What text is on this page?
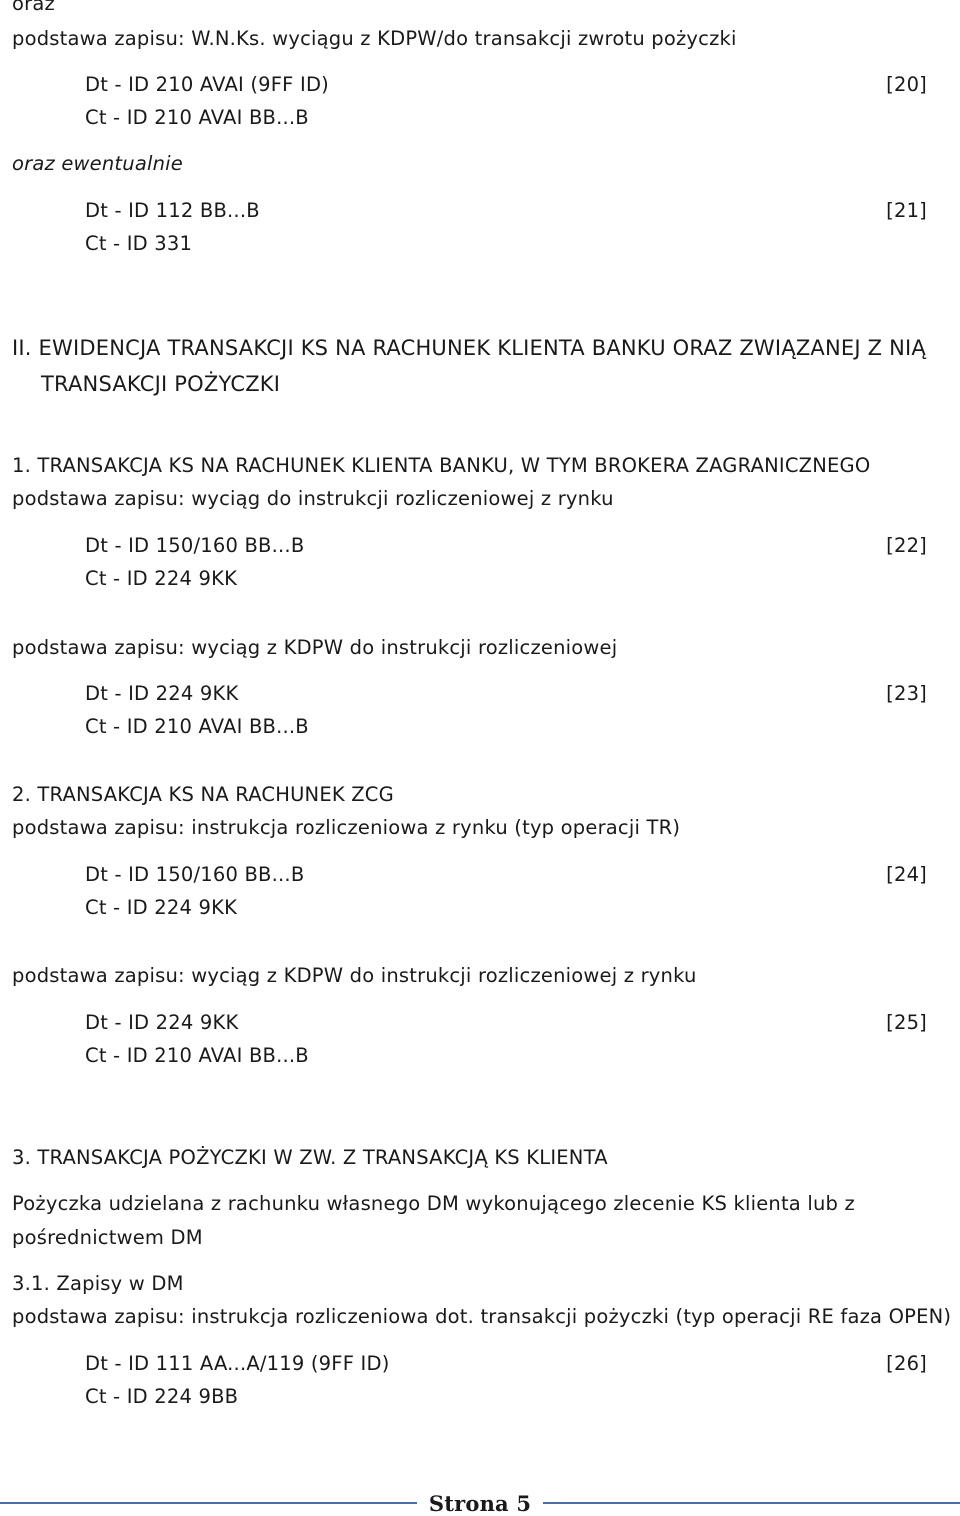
oraz
podstawa zapisu: W.N.Ks. wyciągu z KDPW/do transakcji zwrotu pożyczki
Dt - ID 210 AVAI (9FF ID)	[20]
Ct - ID 210 AVAI BB...B
oraz ewentualnie
Dt - ID 112 BB...B	[21]
Ct - ID 331
II. EWIDENCJA TRANSAKCJI KS NA RACHUNEK KLIENTA BANKU ORAZ ZWIĄZANEJ Z NIĄ
TRANSAKCJI POŻYCZKI
1. TRANSAKCJA KS NA RACHUNEK KLIENTA BANKU, W TYM BROKERA ZAGRANICZNEGO
podstawa zapisu: wyciąg do instrukcji rozliczeniowej z rynku
Dt - ID 150/160 BB...B	[22]
Ct - ID 224 9KK
podstawa zapisu: wyciąg z KDPW do instrukcji rozliczeniowej
Dt - ID 224 9KK	[23]
Ct - ID 210 AVAI BB...B
2. TRANSAKCJA KS NA RACHUNEK ZCG
podstawa zapisu: instrukcja rozliczeniowa z rynku (typ operacji TR)
Dt - ID 150/160 BB...B	[24]
Ct - ID 224 9KK
podstawa zapisu: wyciąg z KDPW do instrukcji rozliczeniowej z rynku
Dt - ID 224 9KK	[25]
Ct - ID 210 AVAI BB...B
3. TRANSAKCJA POŻYCZKI W ZW. Z TRANSAKCJĄ KS KLIENTA
Pożyczka udzielana z rachunku własnego DM wykonującego zlecenie KS klienta lub z
pośrednictwem DM
3.1. Zapisy w DM
podstawa zapisu: instrukcja rozliczeniowa dot. transakcji pożyczki (typ operacji RE faza OPEN)
Dt - ID 111 AA...A/119 (9FF ID)	[26]
Ct - ID 224 9BB
Strona 5
